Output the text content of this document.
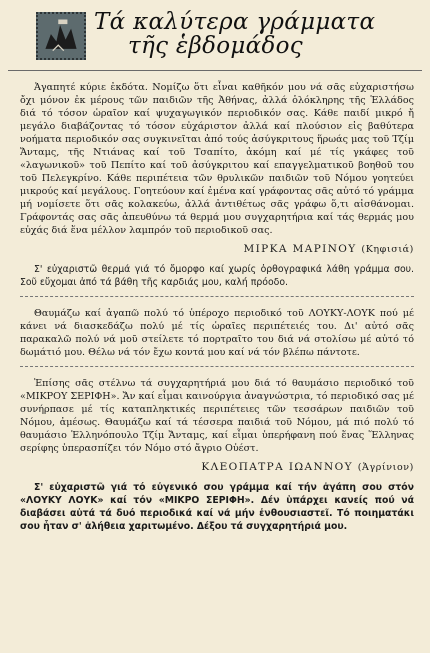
Τά καλύτερα γράμματα
τῆς ἑβδομάδος

Ἀγαπητέ κύριε ἐκδότα. Νομίζω ὅτι εἶναι καθῆκόν μου νά σᾶς εὐχαριστήσω ὄχι μόνον ἐκ μέρους τῶν παιδιῶν τῆς Ἀθήνας, ἀλλά ὁλόκληρης τῆς Ἑλλάδος διά τό τόσον ὡραῖον καί ψυχαγωγικόν περιοδικόν σας. Κάθε παιδί μικρό ἤ μεγάλο διαβάζοντας τό τόσον εὐχάριστον ἀλλά καί πλούσιον εἰς βαθύτερα νοήματα περιοδικόν σας συγκινεῖται ἀπό τούς ἀσύγκριτους ἥρωάς μας τοῦ Τζίμ Ἄνταμς, τῆς Ντιάνας καί τοῦ Τσαπίτο, ἀκόμη καί μέ τίς γκάφες τοῦ «λαγωνικοῦ» τοῦ Πεπίτο καί τοῦ ἀσύγκριτου καί επαγγελματικοῦ βοηθοῦ του τοῦ Πελεγκρίνο. Κάθε περιπέτεια τῶν θρυλικῶν παιδιῶν τοῦ Νόμου γοητεύει μικρούς καί μεγάλους. Γοητεύουν καί ἐμένα καί γράφοντας σᾶς αὐτό τό γράμμα μή νομίσετε ὅτι σᾶς κολακεύω, ἀλλά ἀντιθέτως σᾶς γράφω ὅ,τι αἰσθάνομαι. Γράφοντάς σας σᾶς ἀπευθύνω τά θερμά μου συγχαρητήρια καί τάς θερμάς μου εὐχάς διά ἕνα μέλλον λαμπρόν τοῦ περιοδικοῦ σας.

ΜΙΡΚΑ ΜΑΡΙΝΟΥ (Κηφισιά)
Σ' εὐχαριστῶ θερμά γιά τό ὄμορφο καί χωρίς ὀρθογραφικά λάθη γράμμα σου. Σοῦ εὔχομαι ἀπό τά βάθη τῆς καρδιάς μου, καλή πρόοδο.

Θαυμάζω καί ἀγαπῶ πολύ τό ὑπέροχο περιοδικό τοῦ ΛΟΥΚΥ-ΛΟΥΚ πού μέ κάνει νά διασκεδάζω πολύ μέ τίς ὡραῖες περιπέτειές του. Δι' αὐτό σᾶς παρακαλῶ πολύ νά μοῦ στείλετε τό πορτραῖτο του διά νά στολίσω μέ αὐτό τό δωμάτιό μου. Θέλω νά τόν ἔχω κοντά μου καί νά τόν βλέπω πάντοτε.

Ἐπίσης σᾶς στέλνω τά συγχαρητήριά μου διά τό θαυμάσιο περιοδικό τοῦ «ΜΙΚΡΟΥ ΣΕΡΙΦΗ». Ἄν καί εἶμαι καινούργια ἀναγνώστρια, τό περιοδικό σας μέ συνήρπασε μέ τίς καταπληκτικές περιπέτειες τῶν τεσσάρων παιδιῶν τοῦ Νόμου, ἀμέσως. Θαυμάζω καί τά τέσσερα παιδιά τοῦ Νόμου, μά πιό πολύ τό θαυμάσιο Ἑλληνόπουλο Τζίμ Ἄνταμς, καί εἶμαι ὑπερήφανη πού ἕνας Ἕλληνας σερίφης ὑπερασπίζει τόν Νόμο στό ἄγριο Οὐέστ.

ΚΛΕΟΠΑΤΡΑ ΙΩΑΝΝΟΥ (Ἀγρίνιον)
Σ' εὐχαριστῶ γιά τό εὐγενικό σου γράμμα καί τήν ἀγάπη σου στόν «ΛΟΥΚΥ ΛΟΥΚ» καί τόν «ΜΙΚΡΟ ΣΕΡΙΦΗ». Δέν ὑπάρχει κανείς πού νά διαβάσει αὐτά τά δυό περιοδικά καί νά μήν ἐνθουσιαστεῖ. Τό ποιηματάκι σου ἦταν σ' ἀλήθεια χαριτωμένο. Δέξου τά συγχαρητήριά μου.
